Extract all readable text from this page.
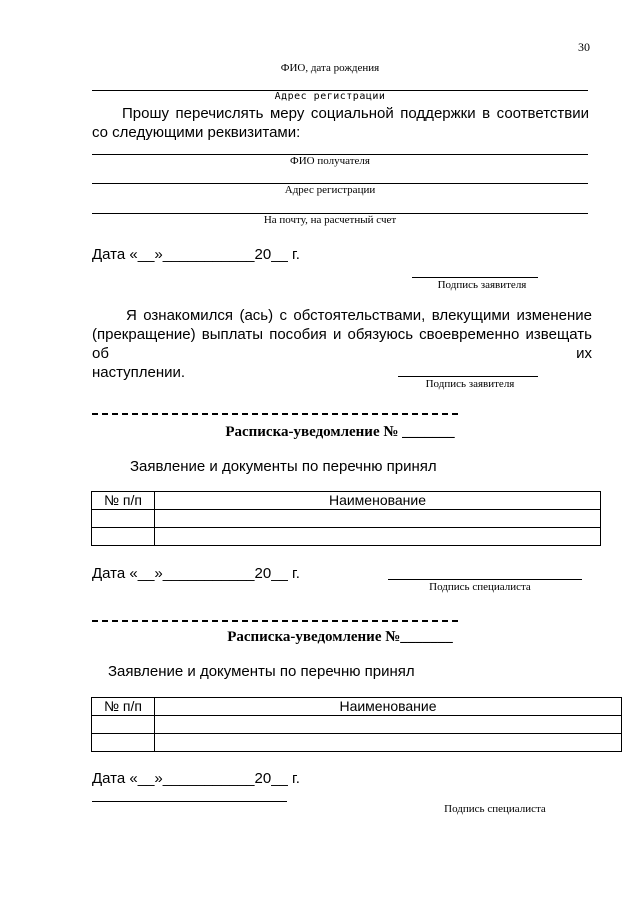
30
ФИО, дата рождения
Адрес регистрации
Прошу перечислять меру социальной поддержки в соответствии со следующими реквизитами:
ФИО получателя
Адрес регистрации
На почту, на расчетный счет
Дата «__»___________20__ г.
Подпись заявителя
Я ознакомился (ась) с обстоятельствами, влекущими изменение
(прекращение) выплаты пособия и обязуюсь своевременно извещать об их
наступлении.
Подпись заявителя
Расписка-уведомление № _______
Заявление и документы по перечню принял
№ п/п	Наименование

Дата «__»___________20__ г.
Подпись специалиста
Расписка-уведомление №_______
Заявление и документы по перечню принял
№ п/п	Наименование

Дата «__»___________20__ г.
Подпись специалиста
